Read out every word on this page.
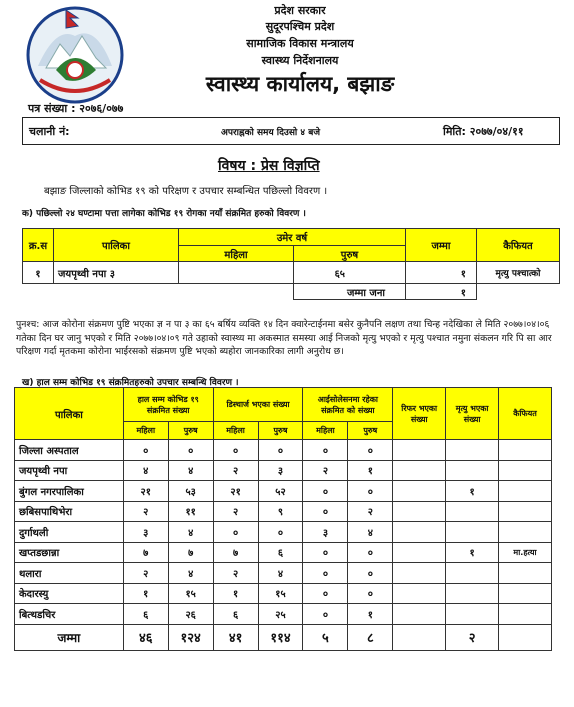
प्रदेश सरकार
सुदूरपश्चिम प्रदेश
सामाजिक विकास मन्त्रालय
स्वास्थ्य निर्देशनालय
स्वास्थ्य कार्यालय, बझाङ
पत्र संख्या : २०७६/०७७
चलानी नं:	अपराह्नको समय दिउसो ४ बजे	मिति: २०७७/०४/११
विषय : प्रेस विज्ञप्ति
बझाङ जिल्लाको कोभिड १९ को परिक्षण र उपचार सम्बन्धित पछिल्लो विवरण ।
क) पछिल्लो २४ घण्टामा पत्ता लागेका कोभिड १९ रोगका नयाँ संक्रमित हरुको विवरण ।
क्र.स	पालिका	उमेर वर्ष		जम्मा	कैफियत
		महिला	पुरुष		
१	जयपृथ्वी नपा ३		६५	१	मृत्यु पश्चात्को
			जम्मा जना	१	
पुनश्च: आज कोरोना संक्रमण पुष्टि भएका ज्ञ न पा ३ का ६५ बर्षिय व्यक्ति १४ दिन क्वारेन्टाईनमा बसेर कुनैपनि लक्षण तथा चिन्ह नदेखिका ले मिति २०७७।०४।०६ गतेका दिन घर जानु भएको र मिति २०७७।०४।०९ गते उहाको स्वास्थ्य मा अकस्मात समस्या आई निजको मृत्यु भएको र मृत्यु पश्चात नमुना संकलन गरि पि सा आर परिक्षण गर्दा मृतकमा कोरोना भाईरसको संक्रमण पुष्टि भएको ब्यहोरा जानकारिका लागी अनुरोध छ।
ख) हाल सम्म कोभिड १९ संक्रमितहरुको उपचार सम्बन्धि विवरण ।
पालिका	हाल सम्म कोभिड १९ संक्रमित संख्या		डिस्चार्ज भएका संख्या		आईसोलेसनमा रहेका संक्रमित को संख्या		रिफर भएका संख्या	मृत्यु भएका संख्या	कैफियत
	महिला	पुरुष	महिला	पुरुष	महिला	पुरुष			
जिल्ला अस्पताल	०	०	०	०	०	०			
जयपृथ्वी नपा	४	४	२	३	२	१			
बुंगल नगरपालिका	२१	५३	२१	५२	०	०		१	
छबिसपाथिभेरा	२	११	२	९	०	२			
दुर्गाथली	३	४	०	०	३	४			
खप्तडछान्ना	७	७	७	६	०	०		१	मा.हत्या
थलारा	२	४	२	४	०	०			
केदारस्यु	१	१५	१	१५	०	०			
बित्थडचिर	६	२६	६	२५	०	१			
जम्मा	४६	१२४	४१	११४	५	८		२	
